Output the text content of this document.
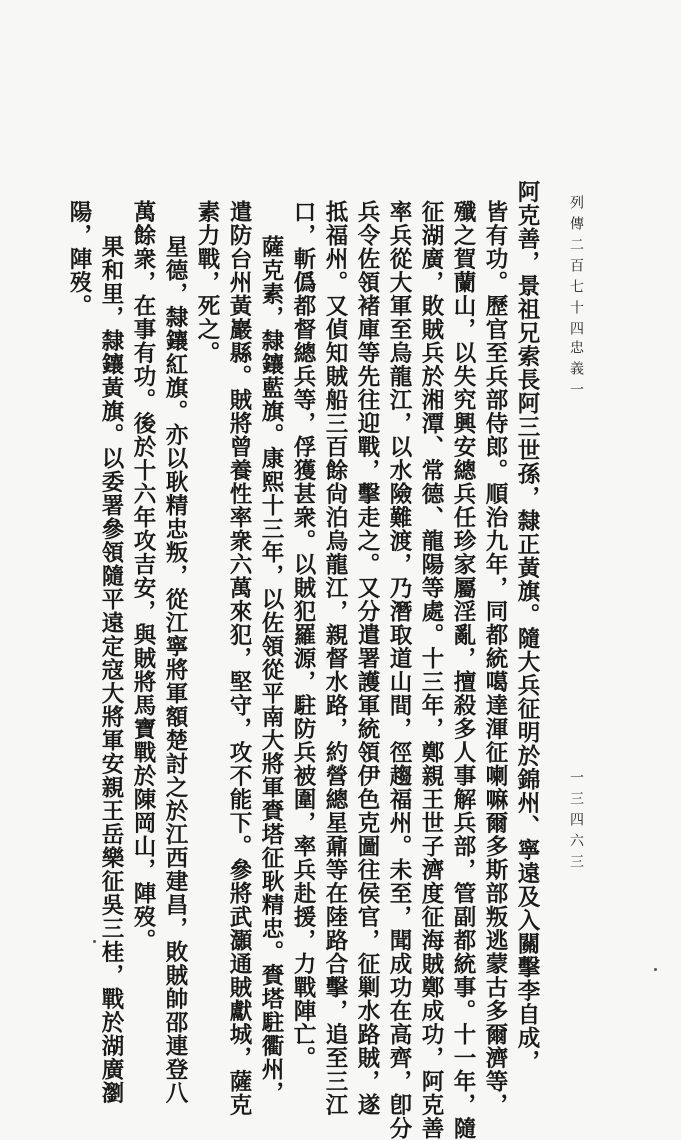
列傳二百七十四
忠義一
一三四六三
阿克善，景祖兄索長阿三世孫，隸正黃旗。隨大兵征明於錦州、寧遠及入關擊李自成，
皆有功。歷官至兵部侍郎。順治九年，同都統噶達渾征喇嘛爾多斯部叛逃蒙古多爾濟等，
殲之賀蘭山，以失究興安總兵任珍家屬淫亂，擅殺多人事解兵部，管副都統事。十一年，隨
征湖廣，敗賊兵於湘潭、常德、龍陽等處。十三年，鄭親王世子濟度征海賊鄭成功，阿克善
率兵從大軍至烏龍江，以水險難渡，乃潛取道山間，徑趨福州。未至，聞成功在高齊，卽分
兵令佐領褚庫等先往迎戰，擊走之。又分遣署護軍統領伊色克圖往侯官，征剿水路賊，遂
抵福州。又偵知賊船三百餘尙泊烏龍江，親督水路，約營總星鼐等在陸路合擊，追至三江
口，斬僞都督總兵等，俘獲甚衆。以賊犯羅源，駐防兵被圍，率兵赴援，力戰陣亡。
薩克素，隸鑲藍旗。康熙十三年，以佐領從平南大將軍賚塔征耿精忠。賚塔駐衢州，
遣防台州黃巖縣。賊將曾養性率衆六萬來犯，堅守，攻不能下。參將武灝通賊獻城，薩克
素力戰，死之。
星德，隸鑲紅旗。亦以耿精忠叛，從江寧將軍額楚討之於江西建昌，敗賊帥邵連登八
萬餘衆，在事有功。後於十六年攻吉安，與賊將馬寶戰於陳岡山，陣歿。
果和里，隸鑲黃旗。以委署參領隨平遠定寇大將軍安親王岳樂征吳三桂，戰於湖廣瀏
陽，陣歿。
